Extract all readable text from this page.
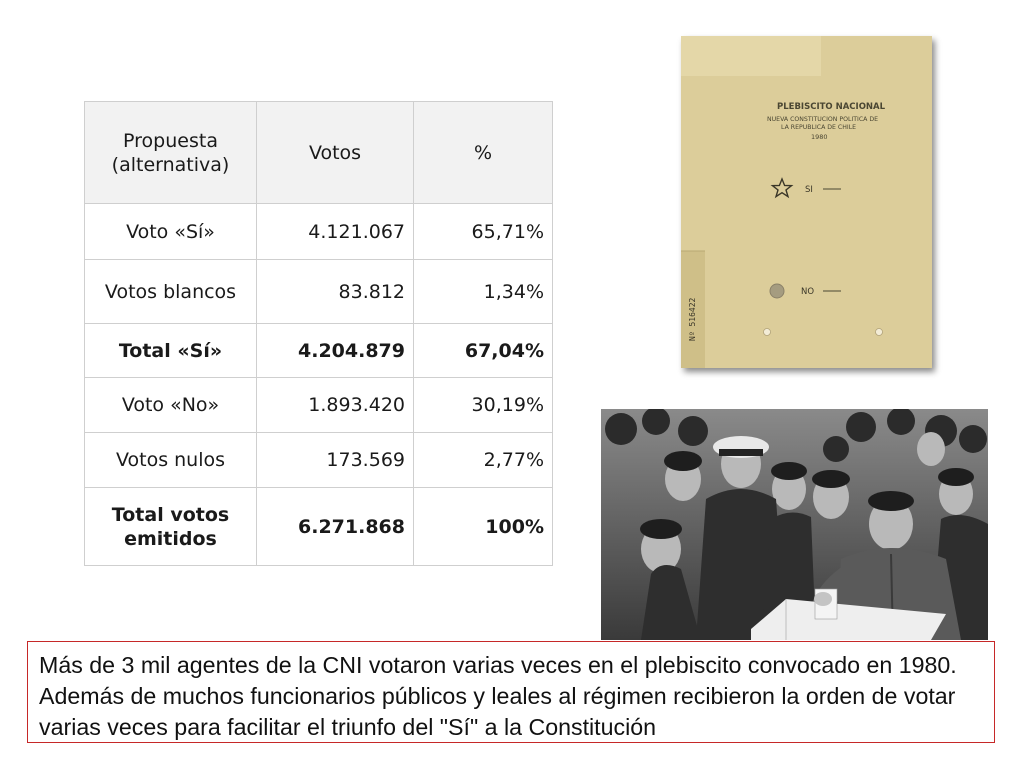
Propuesta (alternativa)	Votos	%
Voto «Sí»	4.121.067	65,71%
Votos blancos	83.812	1,34%
Total «Sí»	4.204.879	67,04%
Voto «No»	1.893.420	30,19%
Votos nulos	173.569	2,77%
Total votos emitidos	6.271.868	100%
PLEBISCITO NACIONAL
NUEVA CONSTITUCION POLITICA DE
LA REPUBLICA DE CHILE
1980
SI
NO
Nº 516422
Más de 3 mil agentes de la CNI votaron varias veces en el plebiscito convocado en 1980. Además de muchos funcionarios públicos y leales al régimen recibieron la orden de votar varias veces para facilitar el triunfo del "Sí" a la Constitución
